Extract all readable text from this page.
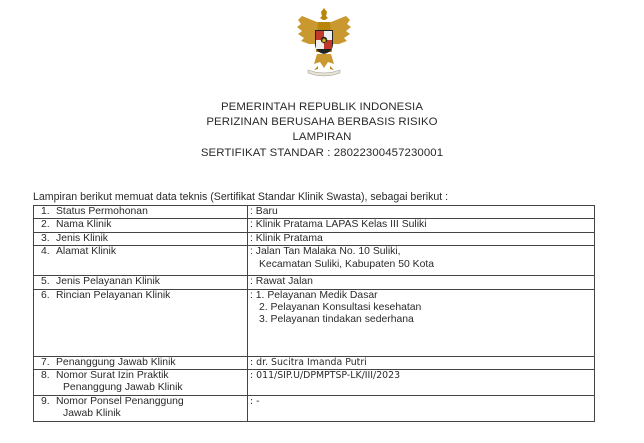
PEMERINTAH REPUBLIK INDONESIA
PERIZINAN BERUSAHA BERBASIS RISIKO
LAMPIRAN
SERTIFIKAT STANDAR : 28022300457230001
Lampiran berikut memuat data teknis (Sertifikat Standar Klinik Swasta), sebagai berikut :
1. Status Permohonan	: Baru
2. Nama Klinik	: Klinik Pratama LAPAS Kelas III Suliki
3. Jenis Klinik	: Klinik Pratama
4. Alamat Klinik	: Jalan Tan Malaka No. 10 Suliki,
Kecamatan Suliki, Kabupaten 50 Kota

5. Jenis Pelayanan Klinik	: Rawat Jalan
6. Rincian Pelayanan Klinik	: 1. Pelayanan Medik Dasar
2. Pelayanan Konsultasi kesehatan
3. Pelayanan tindakan sederhana

7. Penanggung Jawab Klinik	: dr. Sucitra Imanda Putri

8. Nomor Surat Izin Praktik
Penanggung Jawab Klinik	: 011/SIP.U/DPMPTSP-LK/III/2023

9. Nomor Ponsel Penanggung
Jawab Klinik	: -
